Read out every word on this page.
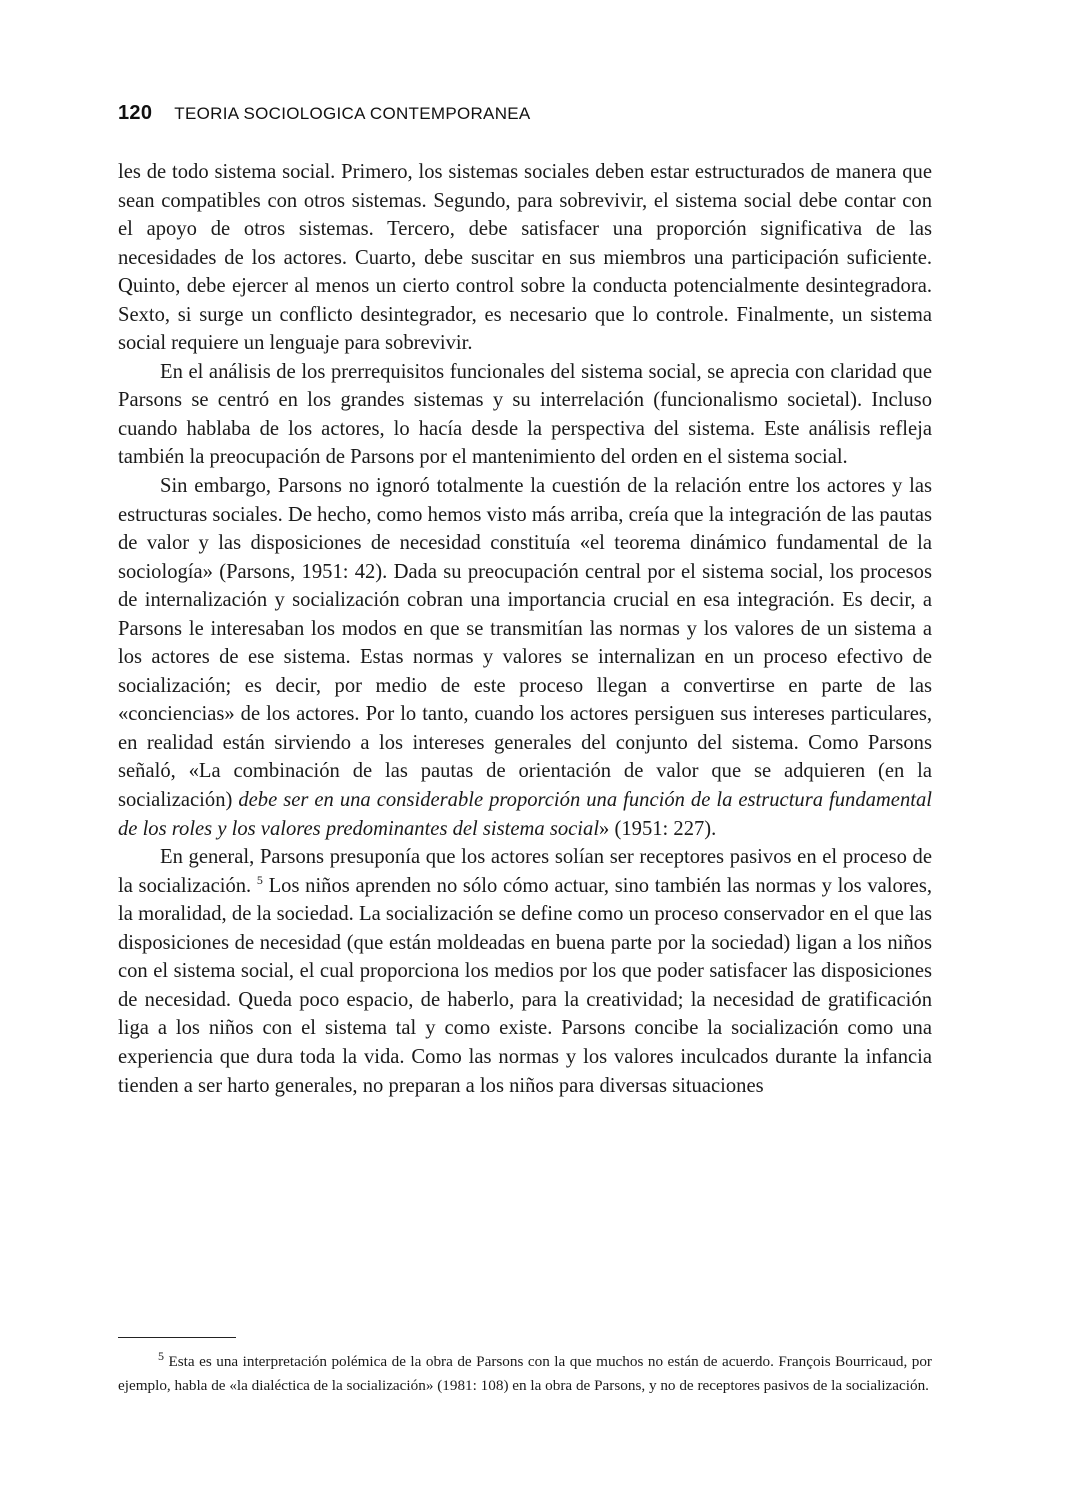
120 TEORIA SOCIOLOGICA CONTEMPORANEA

les de todo sistema social. Primero, los sistemas sociales deben estar estructurados de manera que sean compatibles con otros sistemas. Segundo, para sobrevivir, el sistema social debe contar con el apoyo de otros sistemas. Tercero, debe satisfacer una proporción significativa de las necesidades de los actores. Cuarto, debe suscitar en sus miembros una participación suficiente. Quinto, debe ejercer al menos un cierto control sobre la conducta potencialmente desintegradora. Sexto, si surge un conflicto desintegrador, es necesario que lo controle. Finalmente, un sistema social requiere un lenguaje para sobrevivir.

En el análisis de los prerrequisitos funcionales del sistema social, se aprecia con claridad que Parsons se centró en los grandes sistemas y su interrelación (funcionalismo societal). Incluso cuando hablaba de los actores, lo hacía desde la perspectiva del sistema. Este análisis refleja también la preocupación de Parsons por el mantenimiento del orden en el sistema social.

Sin embargo, Parsons no ignoró totalmente la cuestión de la relación entre los actores y las estructuras sociales. De hecho, como hemos visto más arriba, creía que la integración de las pautas de valor y las disposiciones de necesidad constituía «el teorema dinámico fundamental de la sociología» (Parsons, 1951: 42). Dada su preocupación central por el sistema social, los procesos de internalización y socialización cobran una importancia crucial en esa integración. Es decir, a Parsons le interesaban los modos en que se transmitían las normas y los valores de un sistema a los actores de ese sistema. Estas normas y valores se internalizan en un proceso efectivo de socialización; es decir, por medio de este proceso llegan a convertirse en parte de las «conciencias» de los actores. Por lo tanto, cuando los actores persiguen sus intereses particulares, en realidad están sirviendo a los intereses generales del conjunto del sistema. Como Parsons señaló, «La combinación de las pautas de orientación de valor que se adquieren (en la socialización) debe ser en una considerable proporción una función de la estructura fundamental de los roles y los valores predominantes del sistema social» (1951: 227).

En general, Parsons presuponía que los actores solían ser receptores pasivos en el proceso de la socialización. $^5$ Los niños aprenden no sólo cómo actuar, sino también las normas y los valores, la moralidad, de la sociedad. La socialización se define como un proceso conservador en el que las disposiciones de necesidad (que están moldeadas en buena parte por la sociedad) ligan a los niños con el sistema social, el cual proporciona los medios por los que poder satisfacer las disposiciones de necesidad. Queda poco espacio, de haberlo, para la creatividad; la necesidad de gratificación liga a los niños con el sistema tal y como existe. Parsons concibe la socialización como una experiencia que dura toda la vida. Como las normas y los valores inculcados durante la infancia tienden a ser harto generales, no preparan a los niños para diversas situaciones

$^5$ Esta es una interpretación polémica de la obra de Parsons con la que muchos no están de acuerdo. François Bourricaud, por ejemplo, habla de «la dialéctica de la socialización» (1981: 108) en la obra de Parsons, y no de receptores pasivos de la socialización.
